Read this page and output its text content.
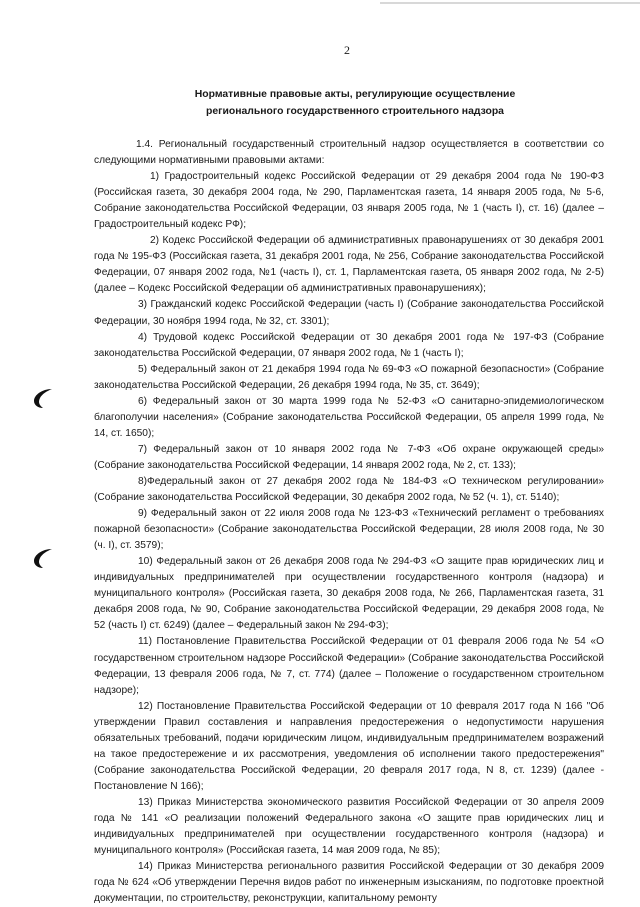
2
Нормативные правовые акты, регулирующие осуществление
регионального государственного строительного надзора

1.4. Региональный государственный строительный надзор осуществляется в соответствии со следующими нормативными правовыми актами:

1) Градостроительный кодекс Российской Федерации от 29 декабря 2004 года № 190-ФЗ (Российская газета, 30 декабря 2004 года, № 290, Парламентская газета, 14 января 2005 года, № 5-6, Собрание законодательства Российской Федерации, 03 января 2005 года, № 1 (часть I), ст. 16) (далее – Градостроительный кодекс РФ);

2) Кодекс Российской Федерации об административных правонарушениях от 30 декабря 2001 года № 195-ФЗ (Российская газета, 31 декабря 2001 года, № 256, Собрание законодательства Российской Федерации, 07 января 2002 года, №1 (часть I), ст. 1, Парламентская газета, 05 января 2002 года, № 2-5) (далее – Кодекс Российской Федерации об административных правонарушениях);

3) Гражданский кодекс Российской Федерации (часть I) (Собрание законодательства Российской Федерации, 30 ноября 1994 года, № 32, ст. 3301);

4) Трудовой кодекс Российской Федерации от 30 декабря 2001 года № 197-ФЗ (Собрание законодательства Российской Федерации, 07 января 2002 года, № 1 (часть I);

5) Федеральный закон от 21 декабря 1994 года № 69-ФЗ «О пожарной безопасности» (Собрание законодательства Российской Федерации, 26 декабря 1994 года, № 35, ст. 3649);

6) Федеральный закон от 30 марта 1999 года № 52-ФЗ «О санитарно-эпидемиологическом благополучии населения» (Собрание законодательства Российской Федерации, 05 апреля 1999 года, № 14, ст. 1650);

7) Федеральный закон от 10 января 2002 года № 7-ФЗ «Об охране окружающей среды» (Собрание законодательства Российской Федерации, 14 января 2002 года, № 2, ст. 133);

8)Федеральный закон от 27 декабря 2002 года № 184-ФЗ «О техническом регулировании» (Собрание законодательства Российской Федерации, 30 декабря 2002 года, № 52 (ч. 1), ст. 5140);

9) Федеральный закон от 22 июля 2008 года № 123-ФЗ «Технический регламент о требованиях пожарной безопасности» (Собрание законодательства Российской Федерации, 28 июля 2008 года, № 30 (ч. I), ст. 3579);

10) Федеральный закон от 26 декабря 2008 года № 294-ФЗ «О защите прав юридических лиц и индивидуальных предпринимателей при осуществлении государственного контроля (надзора) и муниципального контроля» (Российская газета, 30 декабря 2008 года, № 266, Парламентская газета, 31 декабря 2008 года, № 90, Собрание законодательства Российской Федерации, 29 декабря 2008 года, № 52 (часть I) ст. 6249) (далее – Федеральный закон № 294-ФЗ);

11) Постановление Правительства Российской Федерации от 01 февраля 2006 года № 54 «О государственном строительном надзоре Российской Федерации» (Собрание законодательства Российской Федерации, 13 февраля 2006 года, № 7, ст. 774) (далее – Положение о государственном строительном надзоре);

12) Постановление Правительства Российской Федерации от 10 февраля 2017 года N 166 "Об утверждении Правил составления и направления предостережения о недопустимости нарушения обязательных требований, подачи юридическим лицом, индивидуальным предпринимателем возражений на такое предостережение и их рассмотрения, уведомления об исполнении такого предостережения" (Собрание законодательства Российской Федерации, 20 февраля 2017 года, N 8, ст. 1239) (далее - Постановление N 166);

13) Приказ Министерства экономического развития Российской Федерации от 30 апреля 2009 года № 141 «О реализации положений Федерального закона «О защите прав юридических лиц и индивидуальных предпринимателей при осуществлении государственного контроля (надзора) и муниципального контроля» (Российская газета, 14 мая 2009 года, № 85);

14) Приказ Министерства регионального развития Российской Федерации от 30 декабря 2009 года № 624 «Об утверждении Перечня видов работ по инженерным изысканиям, по подготовке проектной документации, по строительству, реконструкции, капитальному ремонту
